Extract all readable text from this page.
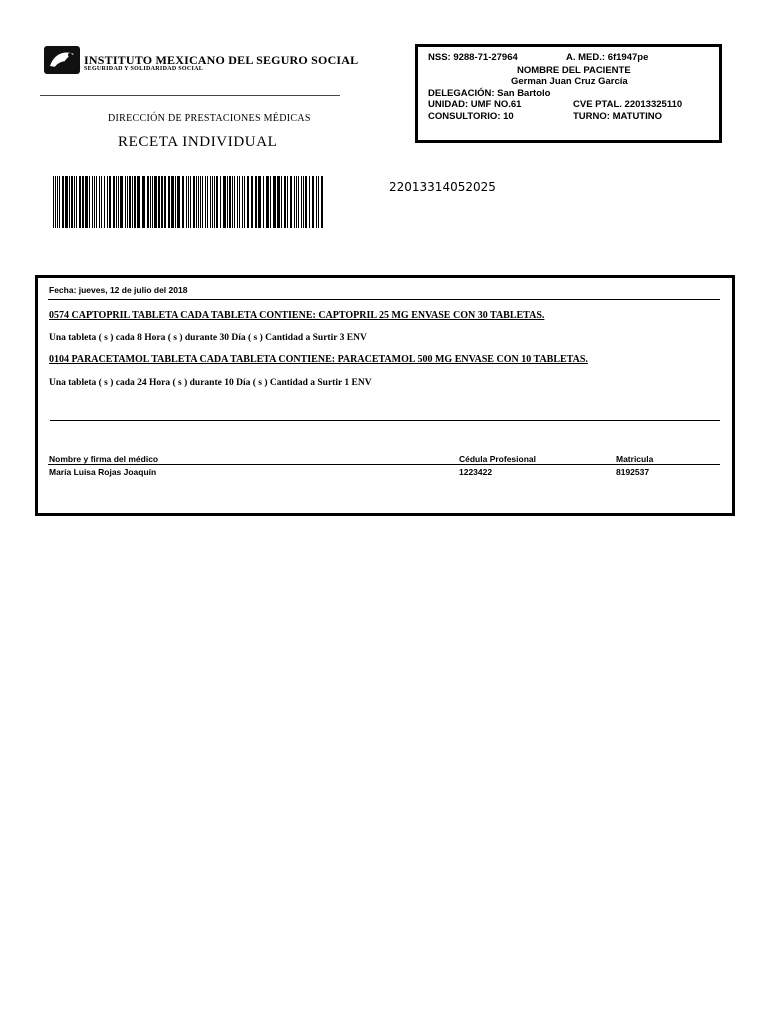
INSTITUTO MEXICANO DEL SEGURO SOCIAL
SEGURIDAD Y SOLIDARIDAD SOCIAL
DIRECCIÓN DE PRESTACIONES MÉDICAS
RECETA INDIVIDUAL
22013314052025
NSS: 9288-71-27964	A. MED.: 6f1947pe
NOMBRE DEL PACIENTE
German Juan Cruz García
DELEGACIÓN: San Bartolo
UNIDAD: UMF NO.61	CVE PTAL. 22013325110
CONSULTORIO: 10	TURNO: MATUTINO
Fecha: jueves, 12 de julio del 2018
0574 CAPTOPRIL TABLETA CADA TABLETA CONTIENE: CAPTOPRIL 25 MG ENVASE CON 30 TABLETAS.
Una tableta ( s ) cada 8 Hora ( s ) durante 30 Día ( s ) Cantidad a Surtir 3 ENV
0104 PARACETAMOL TABLETA CADA TABLETA CONTIENE: PARACETAMOL 500 MG ENVASE CON 10 TABLETAS.
Una tableta ( s ) cada 24 Hora ( s ) durante 10 Día ( s ) Cantidad a Surtir 1 ENV
Nombre y firma del médico	Cédula Profesional	Matricula
María Luisa Rojas Joaquín	1223422	8192537
